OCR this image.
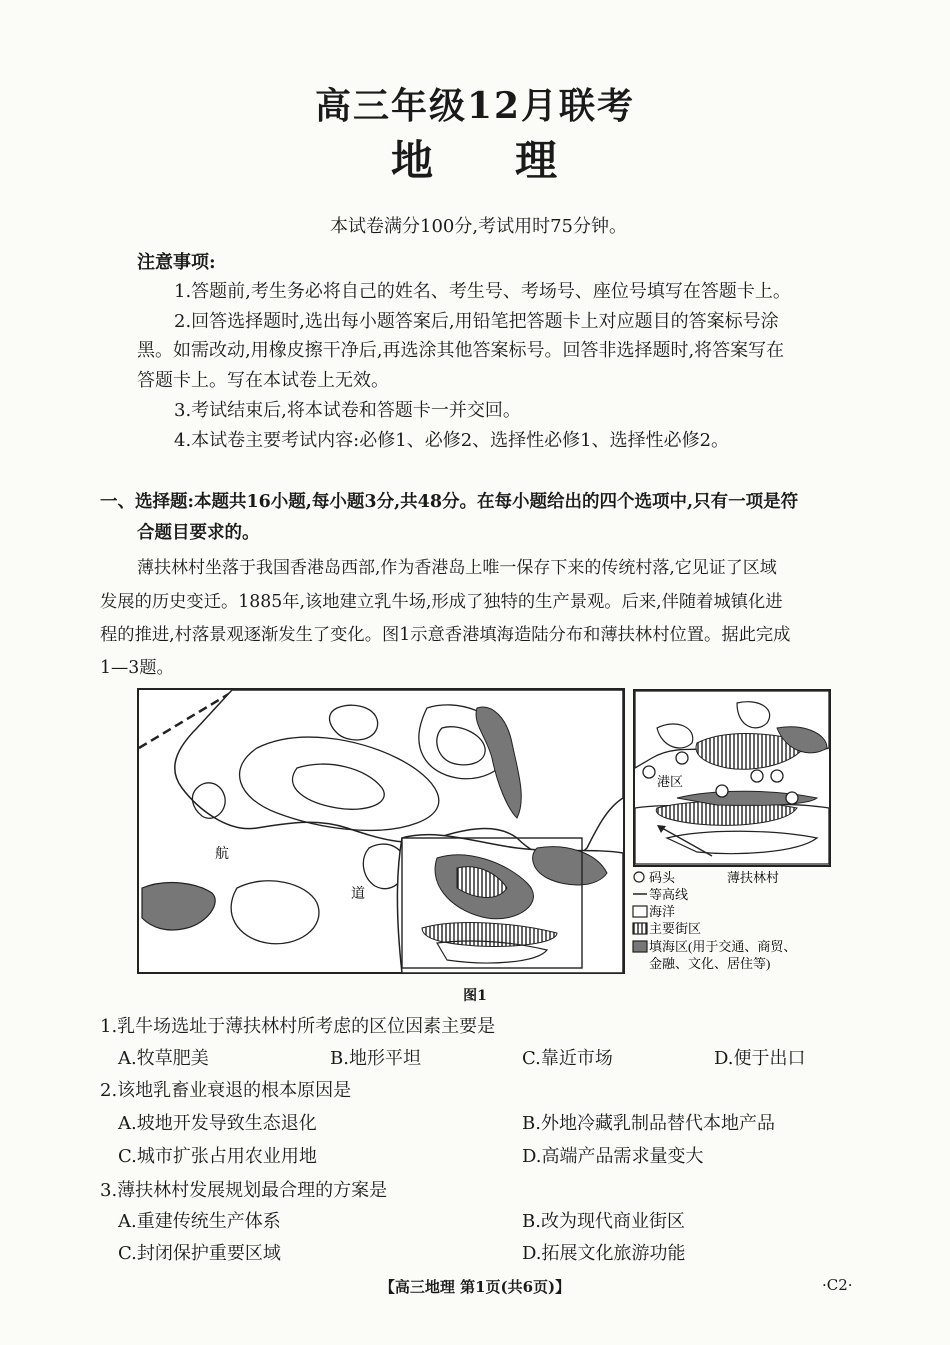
高三年级12月联考
地 理
本试卷满分100分,考试用时75分钟。
注意事项:
1.答题前,考生务必将自己的姓名、考生号、考场号、座位号填写在答题卡上。
2.回答选择题时,选出每小题答案后,用铅笔把答题卡上对应题目的答案标号涂
黑。如需改动,用橡皮擦干净后,再选涂其他答案标号。回答非选择题时,将答案写在
答题卡上。写在本试卷上无效。
3.考试结束后,将本试卷和答题卡一并交回。
4.本试卷主要考试内容:必修1、必修2、选择性必修1、选择性必修2。
一、选择题:本题共16小题,每小题3分,共48分。在每小题给出的四个选项中,只有一项是符
合题目要求的。
薄扶林村坐落于我国香港岛西部,作为香港岛上唯一保存下来的传统村落,它见证了区域
发展的历史变迁。1885年,该地建立乳牛场,形成了独特的生产景观。后来,伴随着城镇化进
程的推进,村落景观逐渐发生了变化。图1示意香港填海造陆分布和薄扶林村位置。据此完成
1—3题。
航
道
港区
码头	薄扶林村
等高线
海洋
主要街区
填海区(用于交通、商贸、
金融、文化、居住等)
图1
1.乳牛场选址于薄扶林村所考虑的区位因素主要是
A.牧草肥美	B.地形平坦	C.靠近市场	D.便于出口
2.该地乳畜业衰退的根本原因是
A.坡地开发导致生态退化	B.外地冷藏乳制品替代本地产品
C.城市扩张占用农业用地	D.高端产品需求量变大
3.薄扶林村发展规划最合理的方案是
A.重建传统生产体系	B.改为现代商业街区
C.封闭保护重要区域	D.拓展文化旅游功能
【高三地理 第1页(共6页)】	·C2·
